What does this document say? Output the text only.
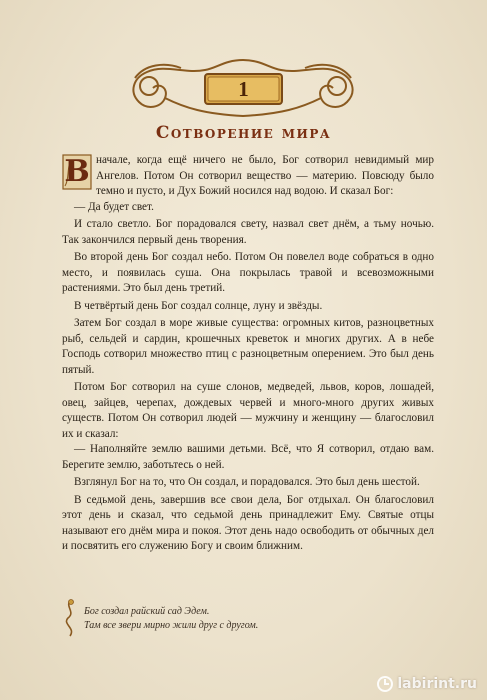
1
Сотворение мира

В начале, когда ещё ничего не было, Бог сотворил невидимый мир Ангелов. Потом Он сотворил вещество — материю. Повсюду было темно и пусто, и Дух Божий носился над водою. И сказал Бог:

— Да будет свет.

И стало светло. Бог порадовался свету, назвал свет днём, а тьму ночью. Так закончился первый день творения.

Во второй день Бог создал небо. Потом Он повелел воде собраться в одно место, и появилась суша. Она покрылась травой и всевозможными растениями. Это был день третий.

В четвёртый день Бог создал солнце, луну и звёзды.

Затем Бог создал в море живые существа: огромных китов, разноцветных рыб, сельдей и сардин, крошечных креветок и многих других. А в небе Господь сотворил множество птиц с разноцветным оперением. Это был день пятый.

Потом Бог сотворил на суше слонов, медведей, львов, коров, лошадей, овец, зайцев, черепах, дождевых червей и много-много других живых существ. Потом Он сотворил людей — мужчину и женщину — благословил их и сказал:

— Наполняйте землю вашими детьми. Всё, что Я сотворил, отдаю вам. Берегите землю, заботьтесь о ней.

Взглянул Бог на то, что Он создал, и порадовался. Это был день шестой.

В седьмой день, завершив все свои дела, Бог отдыхал. Он благословил этот день и сказал, что седьмой день принадлежит Ему. Святые отцы называют его днём мира и покоя. Этот день надо освободить от обычных дел и посвятить его служению Богу и своим ближним.

Бог создал райский сад Эдем.
Там все звери мирно жили друг с другом.
labirint.ru
